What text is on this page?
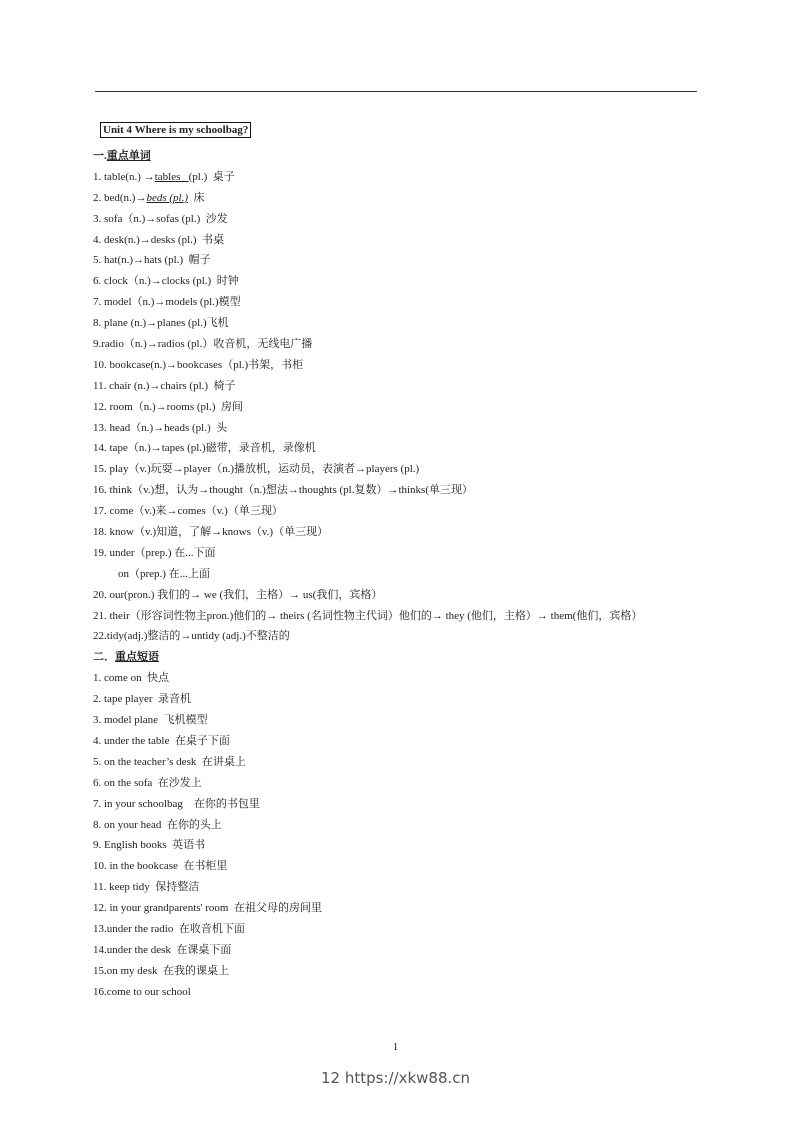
Unit 4 Where is my schoolbag?
一.重点单词
1. table(n.) →tables   (pl.)  桌子
2. bed(n.)→beds (pl.)  床
3. sofa（n.)→sofas (pl.)  沙发
4. desk(n.)→desks (pl.)  书桌
5. hat(n.)→hats (pl.)  帽子
6. clock（n.)→clocks (pl.)  时钟
7. model（n.)→models (pl.)模型
8. plane (n.)→planes (pl.)飞机
9.radio（n.)→radios (pl.）收音机，无线电广播
10. bookcase(n.)→bookcases（pl.)书架，书柜
11. chair (n.)→chairs (pl.)  椅子
12. room（n.)→rooms (pl.)  房间
13. head（n.)→heads (pl.)  头
14. tape（n.)→tapes (pl.)磁带，录音机，录像机
15. play（v.)玩耍→player（n.)播放机，运动员，表演者→players (pl.)
16. think（v.)想，认为→thought（n.)想法→thoughts (pl.复数）→thinks(单三现）
17. come（v.)来→comes（v.)（单三现）
18. know（v.)知道，了解→knows（v.)（单三现）
19. under（prep.) 在...下面
on（prep.) 在...上面
20. our(pron.) 我们的→ we (我们，主格）→ us(我们，宾格）
21. their（形容词性物主pron.)他们的→ theirs (名词性物主代词）他们的→ they (他们，主格）→ them(他们，宾格）
22.tidy(adj.)整洁的→untidy (adj.)不整洁的
二．重点短语
1. come on  快点
2. tape player  录音机
3. model plane  飞机模型
4. under the table  在桌子下面
5. on the teacher’s desk  在讲桌上
6. on the sofa  在沙发上
7. in your schoolbag    在你的书包里
8. on your head  在你的头上
9. English books  英语书
10. in the bookcase  在书柜里
11. keep tidy  保持整洁
12. in your grandparents' room  在祖父母的房间里
13.under the radio  在收音机下面
14.under the desk  在课桌下面
15.on my desk  在我的课桌上
16.come to our school
1
12 https://xkw88.cn
